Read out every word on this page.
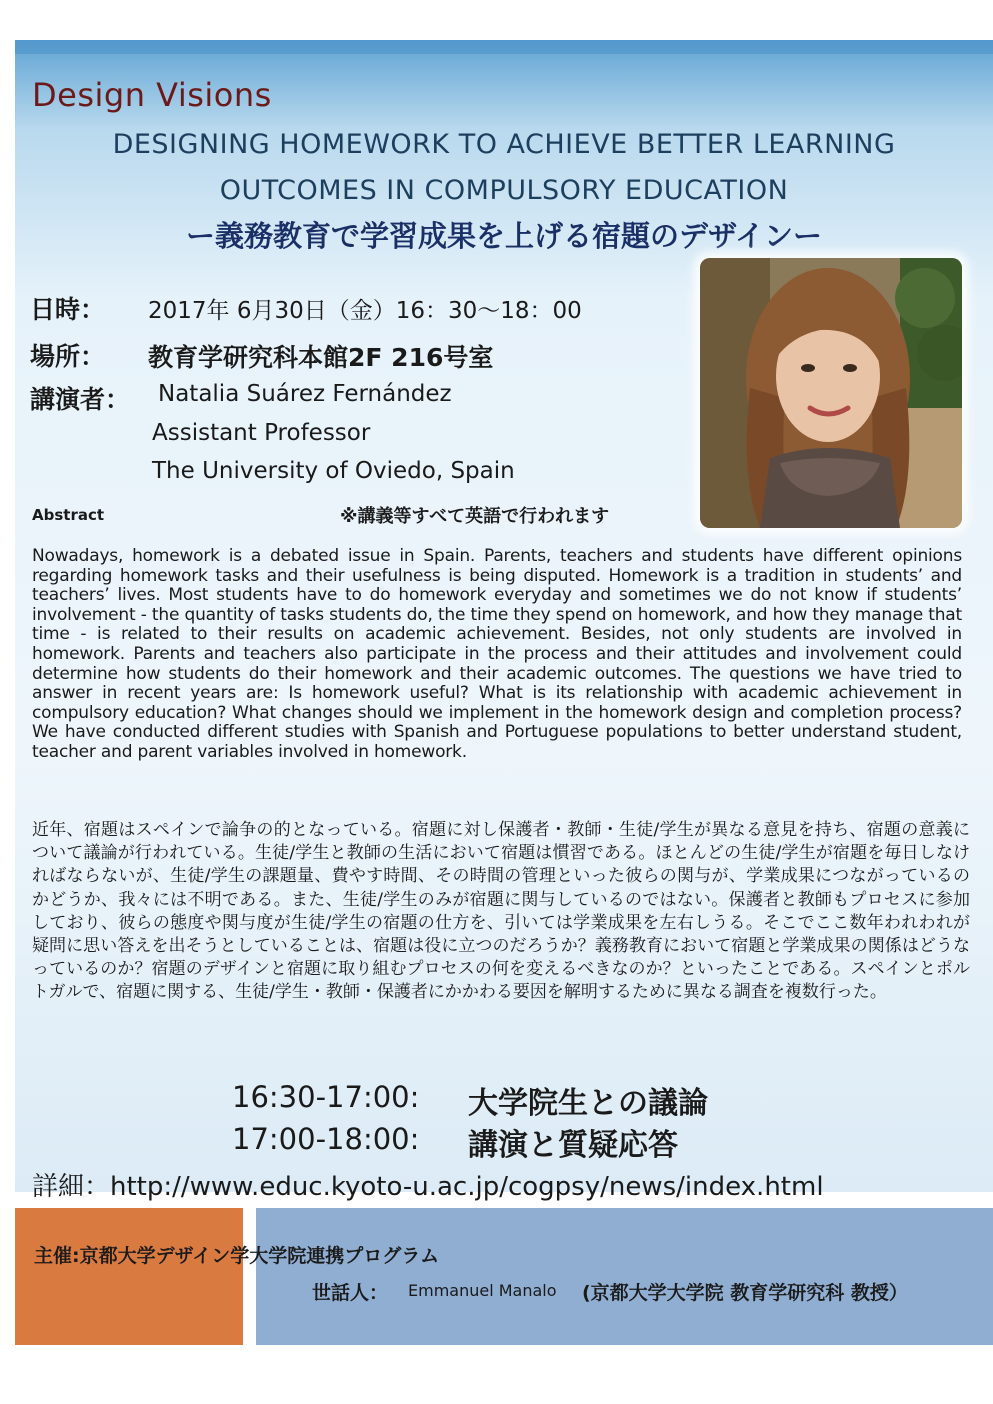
Design Visions
DESIGNING HOMEWORK TO ACHIEVE BETTER LEARNING
OUTCOMES IN COMPULSORY EDUCATION
ー義務教育で学習成果を上げる宿題のデザインー
日時： 2017年 6月30日（金）16：30〜18：00
場所： 教育学研究科本館2F 216号室
講演者： Natalia Suárez Fernández
Assistant Professor
The University of Oviedo, Spain
Abstract	※講義等すべて英語で行われます
Nowadays, homework is a debated issue in Spain. Parents, teachers and students have different opinions regarding homework tasks and their usefulness is being disputed. Homework is a tradition in students’ and teachers’ lives. Most students have to do homework everyday and sometimes we do not know if students’ involvement - the quantity of tasks students do, the time they spend on homework, and how they manage that time - is related to their results on academic achievement. Besides, not only students are involved in homework. Parents and teachers also participate in the process and their attitudes and involvement could determine how students do their homework and their academic outcomes. The questions we have tried to answer in recent years are: Is homework useful? What is its relationship with academic achievement in compulsory education? What changes should we implement in the homework design and completion process? We have conducted different studies with Spanish and Portuguese populations to better understand student, teacher and parent variables involved in homework.
近年、宿題はスペインで論争の的となっている。宿題に対し保護者・教師・生徒/学生が異なる意見を持ち、宿題の意義について議論が行われている。生徒/学生と教師の生活において宿題は慣習である。ほとんどの生徒/学生が宿題を毎日しなければならないが、生徒/学生の課題量、費やす時間、その時間の管理といった彼らの関与が、学業成果につながっているのかどうか、我々には不明である。また、生徒/学生のみが宿題に関与しているのではない。保護者と教師もプロセスに参加しており、彼らの態度や関与度が生徒/学生の宿題の仕方を、引いては学業成果を左右しうる。そこでここ数年われわれが疑問に思い答えを出そうとしていることは、宿題は役に立つのだろうか？義務教育において宿題と学業成果の関係はどうなっているのか？宿題のデザインと宿題に取り組むプロセスの何を変えるべきなのか？といったことである。スペインとポルトガルで、宿題に関する、生徒/学生・教師・保護者にかかわる要因を解明するために異なる調査を複数行った。
16:30-17:00: 大学院生との議論
17:00-18:00: 講演と質疑応答
詳細：http://www.educ.kyoto-u.ac.jp/cogpsy/news/index.html
主催:京都大学デザイン学大学院連携プログラム
世話人： Emmanuel Manalo (京都大学大学院 教育学研究科 教授）
